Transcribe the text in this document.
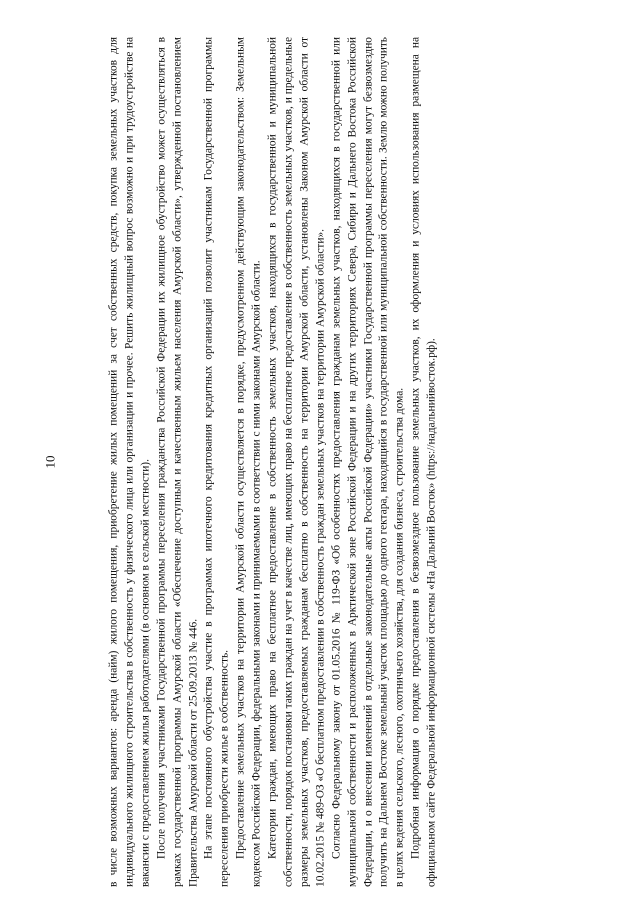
10	в числе возможных вариантов: аренда (найм) жилого помещения, приобретение жилых помещений за счет собственных средств, покупка земельных участков для индивидуального жилищного строительства в собственность у физического лица или организации и прочее. Решить жилищный вопрос возможно и при трудоустройстве на вакансии с предоставлением жилья работодателями (в основном в сельской местности). После получения участниками Государственной программы переселения гражданства Российской Федерации их жилищное обустройство может осуществляться в рамках государственной программы Амурской области «Обеспечение доступным и качественным жильем населения Амурской области», утвержденной постановлением Правительства Амурской области от 25.09.2013 № 446. На этапе постоянного обустройства участие в программах ипотечного кредитования кредитных организаций позволит участникам Государственной программы переселения приобрести жилье в собственность. Предоставление земельных участков на территории Амурской области осуществляется в порядке, предусмотренном действующим законодательством: Земельным кодексом Российской Федерации, федеральными законами и принимаемыми в соответствии с ними законами Амурской области. Категории граждан, имеющих право на бесплатное предоставление в собственность земельных участков, находящихся в государственной и муниципальной собственности, порядок постановки таких граждан на учет в качестве лиц, имеющих право на бесплатное предоставление в собственность земельных участков, и предельные размеры земельных участков, предоставляемых гражданам бесплатно в собственность на территории Амурской области, установлены Законом Амурской области от 10.02.2015 № 489-ОЗ «О бесплатном предоставлении в собственность граждан земельных участков на территории Амурской области». Согласно Федеральному закону от 01.05.2016 № 119-ФЗ «Об особенностях предоставления гражданам земельных участков, находящихся в государственной или муниципальной собственности и расположенных в Арктической зоне Российской Федерации и на других территориях Севера, Сибири и Дальнего Востока Российской Федерации, и о внесении изменений в отдельные законодательные акты Российской Федерации» участники Государственной программы переселения могут безвозмездно получить на Дальнем Востоке земельный участок площадью до одного гектара, находящийся в государственной или муниципальной собственности. Землю можно получить в целях ведения сельского, лесного, охотничьего хозяйства, для создания бизнеса, строительства дома. Подробная информация о порядке предоставления в безвозмездное пользование земельных участков, их оформления и условиях использования размещена на официальном сайте Федеральной информационной системы «На Дальний Восток» (https://надальнийвосток.рф).
